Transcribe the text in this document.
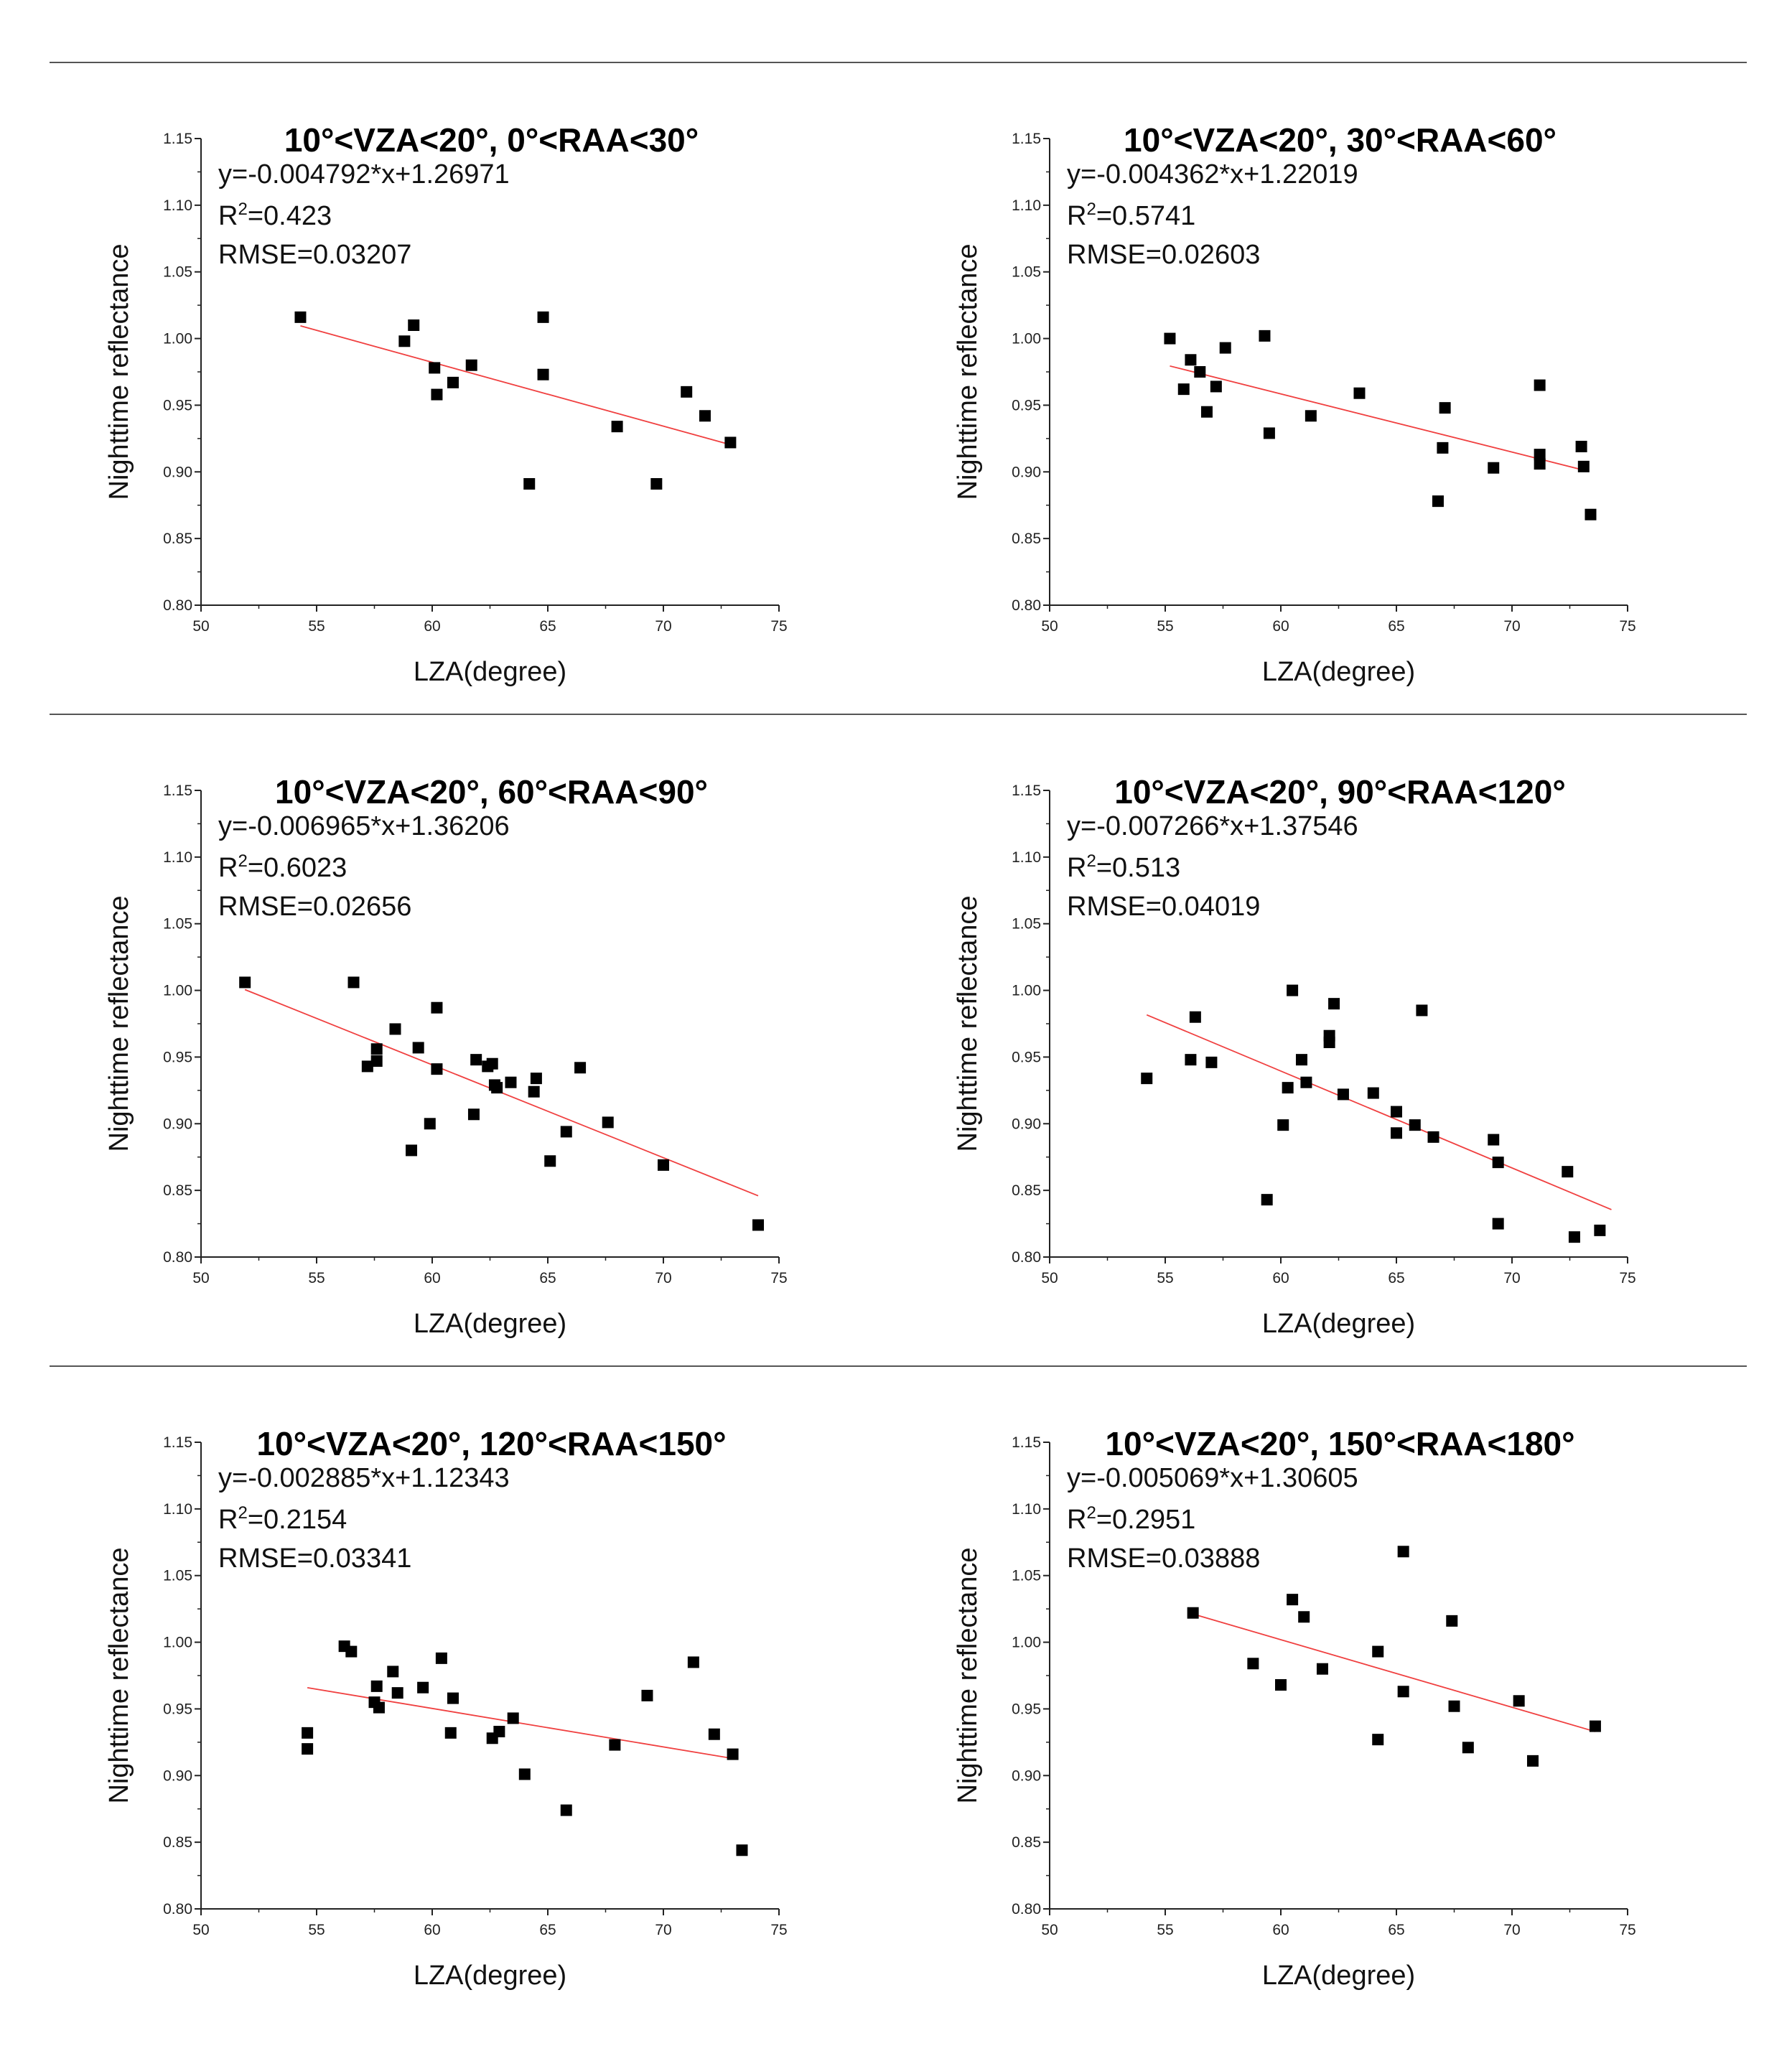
0.80
0.85
0.90
0.95
1.00
1.05
1.10
1.15
50	55	60	65	70	75
LZA(degree)
Nighttime reflectance
10°<VZA<20°, 0°<RAA<30°
y=-0.004792*x+1.26971
$R^2=0.423$
RMSE=0.03207
0.80
0.85
0.90
0.95
1.00
1.05
1.10
1.15
50	55	60	65	70	75
LZA(degree)
Nighttime reflectance
10°<VZA<20°, 30°<RAA<60°
y=-0.004362*x+1.22019
$R^2=0.5741$
RMSE=0.02603
0.80
0.85
0.90
0.95
1.00
1.05
1.10
1.15
50	55	60	65	70	75
LZA(degree)
Nighttime reflectance
10°<VZA<20°, 60°<RAA<90°
y=-0.006965*x+1.36206
$R^2=0.6023$
RMSE=0.02656
0.80
0.85
0.90
0.95
1.00
1.05
1.10
1.15
50	55	60	65	70	75
LZA(degree)
Nighttime reflectance
10°<VZA<20°, 90°<RAA<120°
y=-0.007266*x+1.37546
$R^2=0.513$
RMSE=0.04019
0.80
0.85
0.90
0.95
1.00
1.05
1.10
1.15
50	55	60	65	70	75
LZA(degree)
Nighttime reflectance
10°<VZA<20°, 120°<RAA<150°
y=-0.002885*x+1.12343
$R^2=0.2154$
RMSE=0.03341
0.80
0.85
0.90
0.95
1.00
1.05
1.10
1.15
50	55	60	65	70	75
LZA(degree)
Nighttime reflectance
10°<VZA<20°, 150°<RAA<180°
y=-0.005069*x+1.30605
$R^2=0.2951$
RMSE=0.03888
